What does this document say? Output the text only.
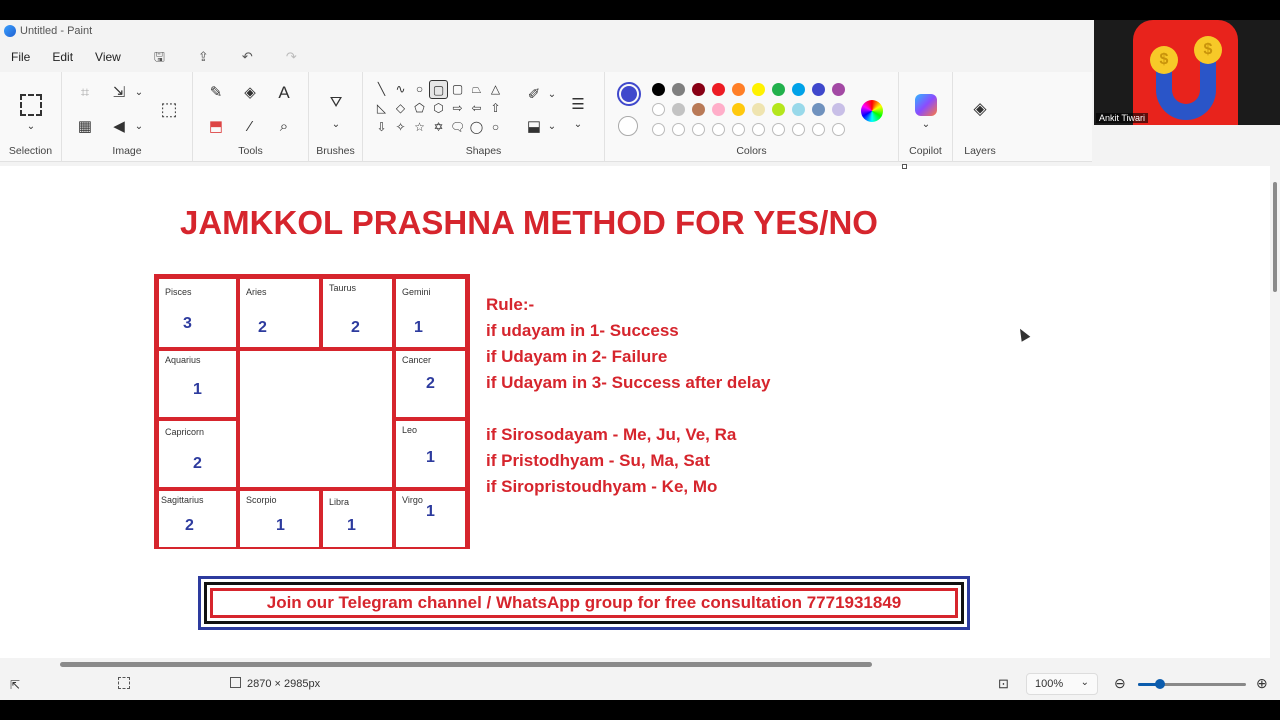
Untitled - Paint
File	Edit	View	🖫	⇪	↶	↷
⌄
Selection
⌗	⇲ ⌄
▦ ◀	⌄
⬚
Image
✎ ◈ A
⬒	⁄	⌕
Tools
⛛
⌄
Brushes
╲ ∿ ○ ▢ ▢ ⏢ △
◺ ◇ ⬠ ⬡ ⇨ ⇦ ⇧
⇩ ✧ ☆ ✡ 🗨 ◯ ○
✐ ⌄
⬓ ⌄
☰
⌄
Shapes	Colors
⌄
Copilot
◈
Layers
$
$
Ankit Tiwari
JAMKKOL PRASHNA METHOD FOR YES/NO
Pisces
3
Aries
2
Taurus
2
Gemini
1
Aquarius
1
Cancer
2
Capricorn
2
Leo
1
Sagittarius
2
Scorpio
1
Libra
1
Virgo
1
Rule:-
if udayam in 1- Success
if Udayam in 2- Failure
if Udayam in 3- Success after delay
if Sirosodayam - Me, Ju, Ve, Ra
if Pristodhyam - Su, Ma, Sat
if Siropristoudhyam - Ke, Mo
Join our Telegram channel / WhatsApp group for free consultation 7771931849
⇱	2870 × 2985px	⊡ 100% ⌄ ⊖	⊕
